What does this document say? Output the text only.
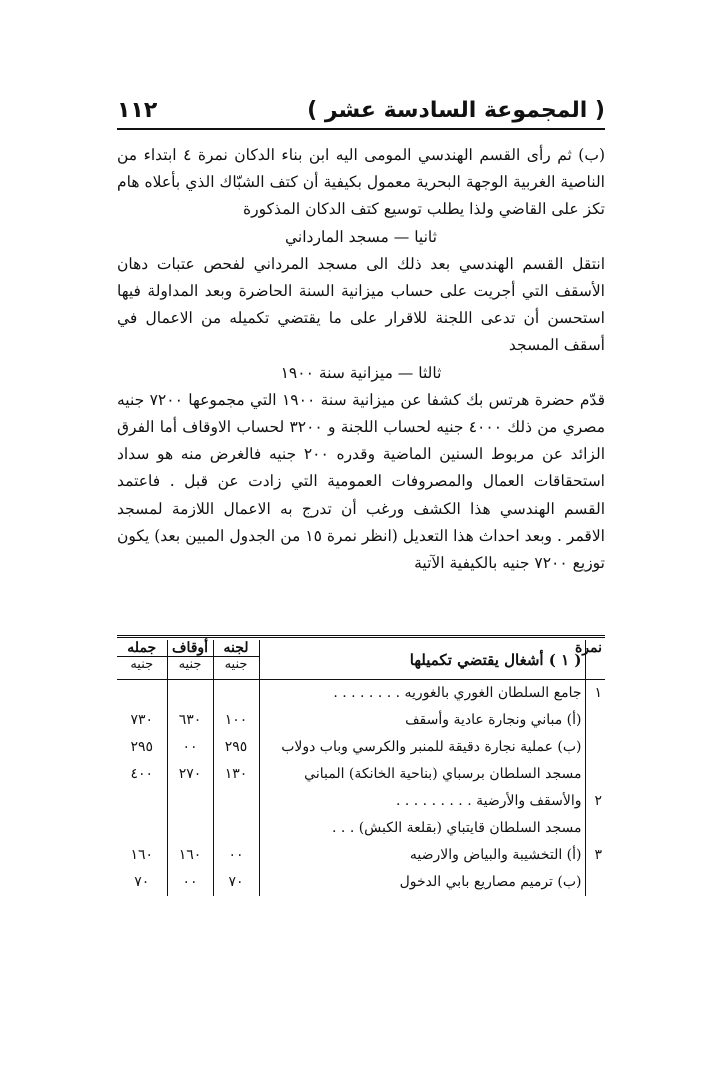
١١٢	( المجموعة السادسة عشر )

(ب) ثم رأى القسم الهندسي المومى اليه ابن بناء الدكان نمرة ٤ ابتداء من الناصية الغربية الوجهة البحرية معمول بكيفية أن كتف الشبّاك الذي بأعلاه هام تكز على القاضي ولذا يطلب توسيع كتف الدكان المذكورة

ثانيا — مسجد المارداني

انتقل القسم الهندسي بعد ذلك الى مسجد المرداني لفحص عتبات دهان الأسقف التي أجريت على حساب ميزانية السنة الحاضرة وبعد المداولة فيها استحسن أن تدعى اللجنة للاقرار على ما يقتضي تكميله من الاعمال في أسقف المسجد

ثالثا — ميزانية سنة ١٩٠٠

قدّم حضرة هرتس بك كشفا عن ميزانية سنة ١٩٠٠ التي مجموعها ٧٢٠٠ جنيه مصري من ذلك ٤٠٠٠ جنيه لحساب اللجنة و ٣٢٠٠ لحساب الاوقاف أما الفرق الزائد عن مربوط السنين الماضية وقدره ٢٠٠ جنيه فالغرض منه هو سداد استحقاقات العمال والمصروفات العمومية التي زادت عن قبل . فاعتمد القسم الهندسي هذا الكشف ورغب أن تدرج به الاعمال اللازمة لمسجد الاقمر . وبعد احداث هذا التعديل (انظر نمرة ١٥ من الجدول المبين بعد) يكون توزيع ٧٢٠٠ جنيه بالكيفية الآتية

نمرة	( ١ ) أشغال يقتضي تكميلها	لجنه	أوقاف	جمله
		جنيه	جنيه	جنيه
١	جامع السلطان الغوري بالغوريه . . . . . . . .			
	(أ) مباني ونجارة عادية وأسقف	١٠٠	٦٣٠	٧٣٠
	(ب) عملية نجارة دقيقة للمنبر والكرسي وباب دولاب	٢٩٥	٠٠	٢٩٥
	مسجد السلطان برسباي (بناحية الخانكة) المباني	١٣٠	٢٧٠	٤٠٠
٢	والأسقف والأرضية . . . . . . . . .			
	مسجد السلطان قايتباي (بقلعة الكبش) . . .			
٣	(أ) التخشيبة والبياض والارضيه	٠٠	١٦٠	١٦٠
	(ب) ترميم مصاريع بابي الدخول	٧٠	٠٠	٧٠
